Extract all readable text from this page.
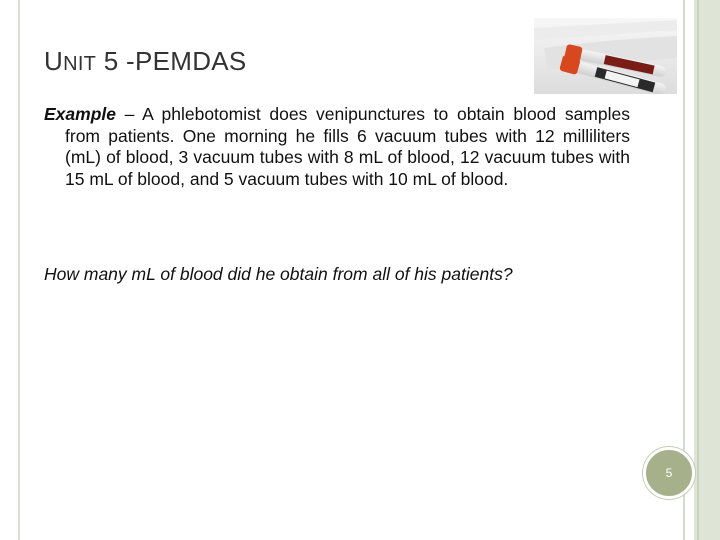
UNIT 5 -PEMDAS
Example – A phlebotomist does venipunctures to obtain blood samples from patients. One morning he fills 6 vacuum tubes with 12 milliliters (mL) of blood, 3 vacuum tubes with 8 mL of blood, 12 vacuum tubes with 15 mL of blood, and 5 vacuum tubes with 10 mL of blood.
How many mL of blood did he obtain from all of his patients?
5
